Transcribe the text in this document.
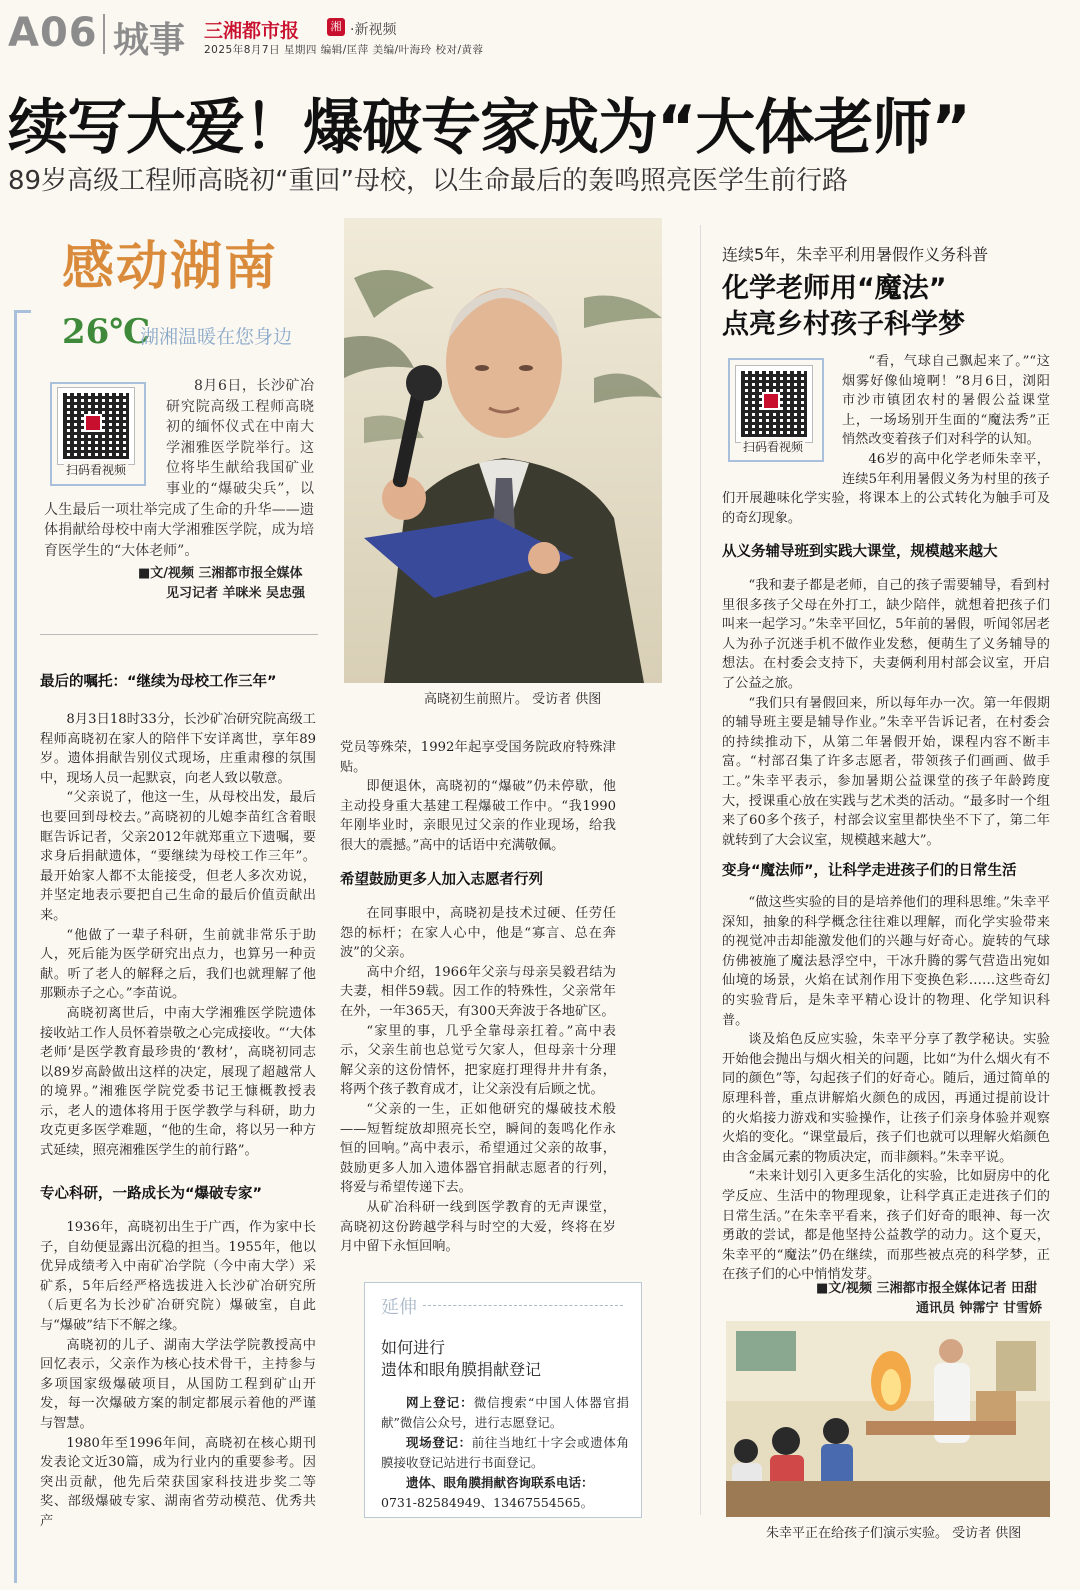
A06 城事 三湘都市报	湘 ·新视频
2025年8月7日 星期四 编辑/匡萍 美编/叶海玲 校对/黄蓉
续写大爱！爆破专家成为“大体老师”
89岁高级工程师高晓初“重回”母校，以生命最后的轰鸣照亮医学生前行路
感动湖南
26℃
湖湘温暖在您身边
扫码看视频

8月6日，长沙矿冶研究院高级工程师高晓初的缅怀仪式在中南大学湘雅医学院举行。这位将毕生献给我国矿业事业的“爆破尖兵”，以人生最后一项壮举完成了生命的升华——遗体捐献给母校中南大学湘雅医学院，成为培育医学生的“大体老师”。

■文/视频 三湘都市报全媒体
见习记者 羊咪米 吴忠强
高晓初生前照片。 受访者 供图
最后的嘱托：“继续为母校工作三年”

8月3日18时33分，长沙矿冶研究院高级工程师高晓初在家人的陪伴下安详离世，享年89岁。遗体捐献告别仪式现场，庄重肃穆的氛围中，现场人员一起默哀，向老人致以敬意。

“父亲说了，他这一生，从母校出发，最后也要回到母校去。”高晓初的儿媳李苗红含着眼眶告诉记者，父亲2012年就郑重立下遗嘱，要求身后捐献遗体，“要继续为母校工作三年”。最开始家人都不太能接受，但老人多次劝说，并坚定地表示要把自己生命的最后价值贡献出来。

“他做了一辈子科研，生前就非常乐于助人，死后能为医学研究出点力，也算另一种贡献。听了老人的解释之后，我们也就理解了他那颗赤子之心。”李苗说。

高晓初离世后，中南大学湘雅医学院遗体接收站工作人员怀着崇敬之心完成接收。“‘大体老师’是医学教育最珍贵的‘教材’，高晓初同志以89岁高龄做出这样的决定，展现了超越常人的境界。”湘雅医学院党委书记王慷概教授表示，老人的遗体将用于医学教学与科研，助力攻克更多医学难题，“他的生命，将以另一种方式延续，照亮湘雅医学生的前行路”。

专心科研，一路成长为“爆破专家”

1936年，高晓初出生于广西，作为家中长子，自幼便显露出沉稳的担当。1955年，他以优异成绩考入中南矿冶学院（今中南大学）采矿系，5年后经严格选拔进入长沙矿冶研究所（后更名为长沙矿冶研究院）爆破室，自此与“爆破”结下不解之缘。

高晓初的儿子、湖南大学法学院教授高中回忆表示，父亲作为核心技术骨干，主持参与多项国家级爆破项目，从国防工程到矿山开发，每一次爆破方案的制定都展示着他的严谨与智慧。

1980年至1996年间，高晓初在核心期刊发表论文近30篇，成为行业内的重要参考。因突出贡献，他先后荣获国家科技进步奖二等奖、部级爆破专家、湖南省劳动模范、优秀共产

党员等殊荣，1992年起享受国务院政府特殊津贴。

即便退休，高晓初的“爆破”仍未停歇，他主动投身重大基建工程爆破工作中。“我1990年刚毕业时，亲眼见过父亲的作业现场，给我很大的震撼。”高中的话语中充满敬佩。

希望鼓励更多人加入志愿者行列

在同事眼中，高晓初是技术过硬、任劳任怨的标杆；在家人心中，他是“寡言、总在奔波”的父亲。

高中介绍，1966年父亲与母亲吴毅君结为夫妻，相伴59载。因工作的特殊性，父亲常年在外，一年365天，有300天奔波于各地矿区。

“家里的事，几乎全靠母亲扛着。”高中表示，父亲生前也总觉亏欠家人，但母亲十分理解父亲的这份情怀，把家庭打理得井井有条，将两个孩子教育成才，让父亲没有后顾之忧。

“父亲的一生，正如他研究的爆破技术般——短暂绽放却照亮长空，瞬间的轰鸣化作永恒的回响。”高中表示，希望通过父亲的故事，鼓励更多人加入遗体器官捐献志愿者的行列，将爱与希望传递下去。

从矿冶科研一线到医学教育的无声课堂，高晓初这份跨越学科与时空的大爱，终将在岁月中留下永恒回响。

延伸
如何进行
遗体和眼角膜捐献登记
网上登记：微信搜索“中国人体器官捐献”微信公众号，进行志愿登记。
现场登记：前往当地红十字会或遗体角膜接收登记站进行书面登记。
遗体、眼角膜捐献咨询联系电话：
0731-82584949、13467554565。
连续5年，朱幸平利用暑假作义务科普
化学老师用“魔法”
点亮乡村孩子科学梦
扫码看视频

“看，气球自己飘起来了。”“这烟雾好像仙境啊！”8月6日，浏阳市沙市镇团农村的暑假公益课堂上，一场场别开生面的“魔法秀”正悄然改变着孩子们对科学的认知。

46岁的高中化学老师朱幸平，连续5年利用暑假义务为村里的孩子们开展趣味化学实验，将课本上的公式转化为触手可及的奇幻现象。

从义务辅导班到实践大课堂，规模越来越大

“我和妻子都是老师，自己的孩子需要辅导，看到村里很多孩子父母在外打工，缺少陪伴，就想着把孩子们叫来一起学习。”朱幸平回忆，5年前的暑假，听闻邻居老人为孙子沉迷手机不做作业发愁，便萌生了义务辅导的想法。在村委会支持下，夫妻俩利用村部会议室，开启了公益之旅。

“我们只有暑假回来，所以每年办一次。第一年假期的辅导班主要是辅导作业。”朱幸平告诉记者，在村委会的持续推动下，从第二年暑假开始，课程内容不断丰富。“村部召集了许多志愿者，带领孩子们画画、做手工。”朱幸平表示，参加暑期公益课堂的孩子年龄跨度大，授课重心放在实践与艺术类的活动。“最多时一个组来了60多个孩子，村部会议室里都快坐不下了，第二年就转到了大会议室，规模越来越大”。

变身“魔法师”，让科学走进孩子们的日常生活

“做这些实验的目的是培养他们的理科思维。”朱幸平深知，抽象的科学概念往往难以理解，而化学实验带来的视觉冲击却能激发他们的兴趣与好奇心。旋转的气球仿佛被施了魔法悬浮空中，干冰升腾的雾气营造出宛如仙境的场景，火焰在试剂作用下变换色彩……这些奇幻的实验背后，是朱幸平精心设计的物理、化学知识科普。

谈及焰色反应实验，朱幸平分享了教学秘诀。实验开始他会抛出与烟火相关的问题，比如“为什么烟火有不同的颜色”等，勾起孩子们的好奇心。随后，通过简单的原理科普，重点讲解焰火颜色的成因，再通过提前设计的火焰接力游戏和实验操作，让孩子们亲身体验并观察火焰的变化。“课堂最后，孩子们也就可以理解火焰颜色由含金属元素的物质决定，而非颜料。”朱幸平说。

“未来计划引入更多生活化的实验，比如厨房中的化学反应、生活中的物理现象，让科学真正走进孩子们的日常生活。”在朱幸平看来，孩子们好奇的眼神、每一次勇敢的尝试，都是他坚持公益教学的动力。这个夏天，朱幸平的“魔法”仍在继续，而那些被点亮的科学梦，正在孩子们的心中悄悄发芽。

■文/视频 三湘都市报全媒体记者 田甜
通讯员 钟霈宁 甘雪娇
朱幸平正在给孩子们演示实验。 受访者 供图
